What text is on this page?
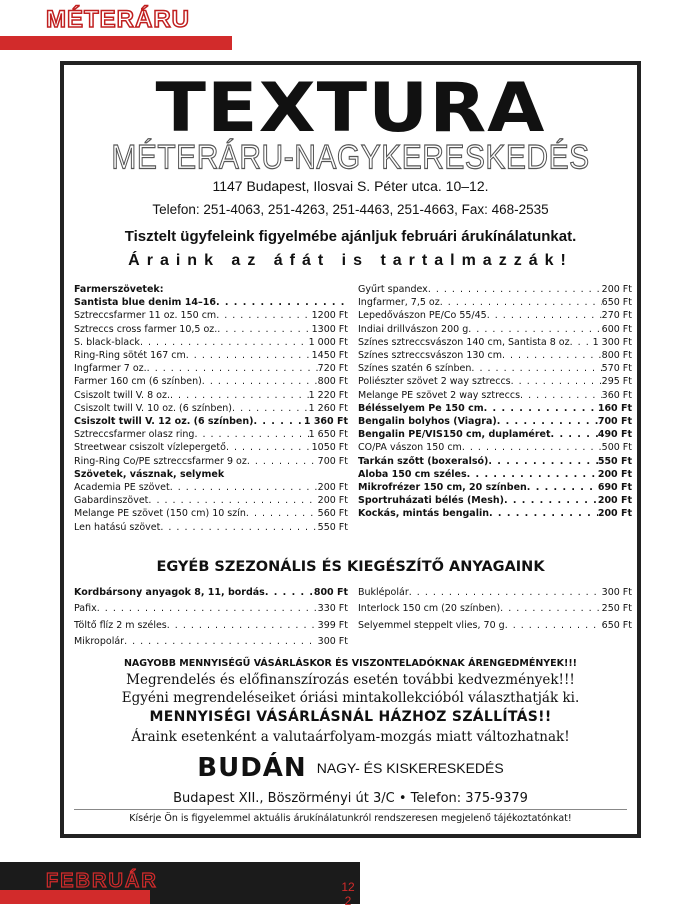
MÉTERÁRU
TEXTURA
MÉTERÁRU-NAGYKERESKEDÉS
1147 Budapest, Ilosvai S. Péter utca. 10–12.
Telefon: 251-4063, 251-4263, 251-4463, 251-4663, Fax: 468-2535
Tisztelt ügyfeleink figyelmébe ajánljuk februári árukínálatunkat.
Áraink az áfát is tartalmazzák!
Farmerszövetek:
Santista blue denim 14–16
. . .
Sztreccsfarmer 11 oz. 150 cm . . .	1200 Ft
Sztreccs cross farmer 10,5 oz. . . .	1300 Ft
S. black-black . . .	1 000 Ft
Ring-Ring sötét 167 cm . . .	1450 Ft
Ingfarmer 7 oz. . . .	720 Ft
Farmer 160 cm (6 színben) . . .	800 Ft
Csiszolt twill V. 8 oz. . . .	1 220 Ft
Csiszolt twill V. 10 oz. (6 színben) . . .	1 260 Ft
Csiszolt twill V. 12 oz. (6 színben) . . .	1 360 Ft
Sztreccsfarmer olasz ring . . .	1 650 Ft
Streetwear csiszolt vízlepergető . . .	1050 Ft
Ring-Ring Co/PE sztreccsfarmer 9 oz . . .	700 Ft
Szövetek, vásznak, selymek
Academia PE szövet . . .	200 Ft
Gabardinszövet . . .	200 Ft
Melange PE szövet (150 cm) 10 szín . . .	560 Ft
Len hatású szövet . . .	550 Ft
Gyűrt spandex . . .	200 Ft
Ingfarmer, 7,5 oz . . .	650 Ft
Lepedővászon PE/Co 55/45 . . .	270 Ft
Indiai drillvászon 200 g . . .	600 Ft
Színes sztreccsvászon 140 cm, Santista 8 oz . . . 1 300 Ft
Színes sztreccsvászon 130 cm . . .	800 Ft
Színes szatén 6 színben . . .	570 Ft
Poliészter szövet 2 way sztreccs . . .	295 Ft
Melange PE szövet 2 way sztreccs . . .	360 Ft
Bélésselyem Pe 150 cm . . .	160 Ft
Bengalin bolyhos (Viagra) . . .	700 Ft
Bengalin PE/VIS150 cm, duplaméret . . .	490 Ft
CO/PA vászon 150 cm . . .	500 Ft
Tarkán szőtt (boxeralsó) . . .	550 Ft
Aloba 150 cm széles . . .	200 Ft
Mikrofrézer 150 cm, 20 színben . . .	690 Ft
Sportruházati bélés (Mesh) . . .	200 Ft
Kockás, mintás bengalin . . .	200 Ft
EGYÉB SZEZONÁLIS ÉS KIEGÉSZÍTŐ ANYAGAINK
Kordbársony anyagok 8, 11, bordás . . .	800 Ft
Pafix . . .	330 Ft
Töltő flíz 2 m széles . . .	399 Ft
Mikropolár . . .	300 Ft
Buklépolár . . .	300 Ft
Interlock 150 cm (20 színben) . . .	250 Ft
Selyemmel steppelt vlies, 70 g . . .	650 Ft
NAGYOBB MENNYISÉGŰ VÁSÁRLÁSKOR ÉS VISZONTELADÓKNAK ÁRENGEDMÉNYEK!!!
Megrendelés és előfinanszírozás esetén további kedvezmények!!!
Egyéni megrendeléseiket óriási mintakollekcióból választhatják ki.
MENNYISÉGI VÁSÁRLÁSNÁL HÁZHOZ SZÁLLÍTÁS!!
Áraink esetenként a valutaárfolyam-mozgás miatt változhatnak!
BUDÁN NAGY- ÉS KISKERESKEDÉS
Budapest XII., Böszörményi út 3/C • Telefon: 375-9379
Kísérje Ön is figyelemmel aktuális árukínálatunkról rendszeresen megjelenő tájékoztatónkat!
FEBRUÁR	12
2
